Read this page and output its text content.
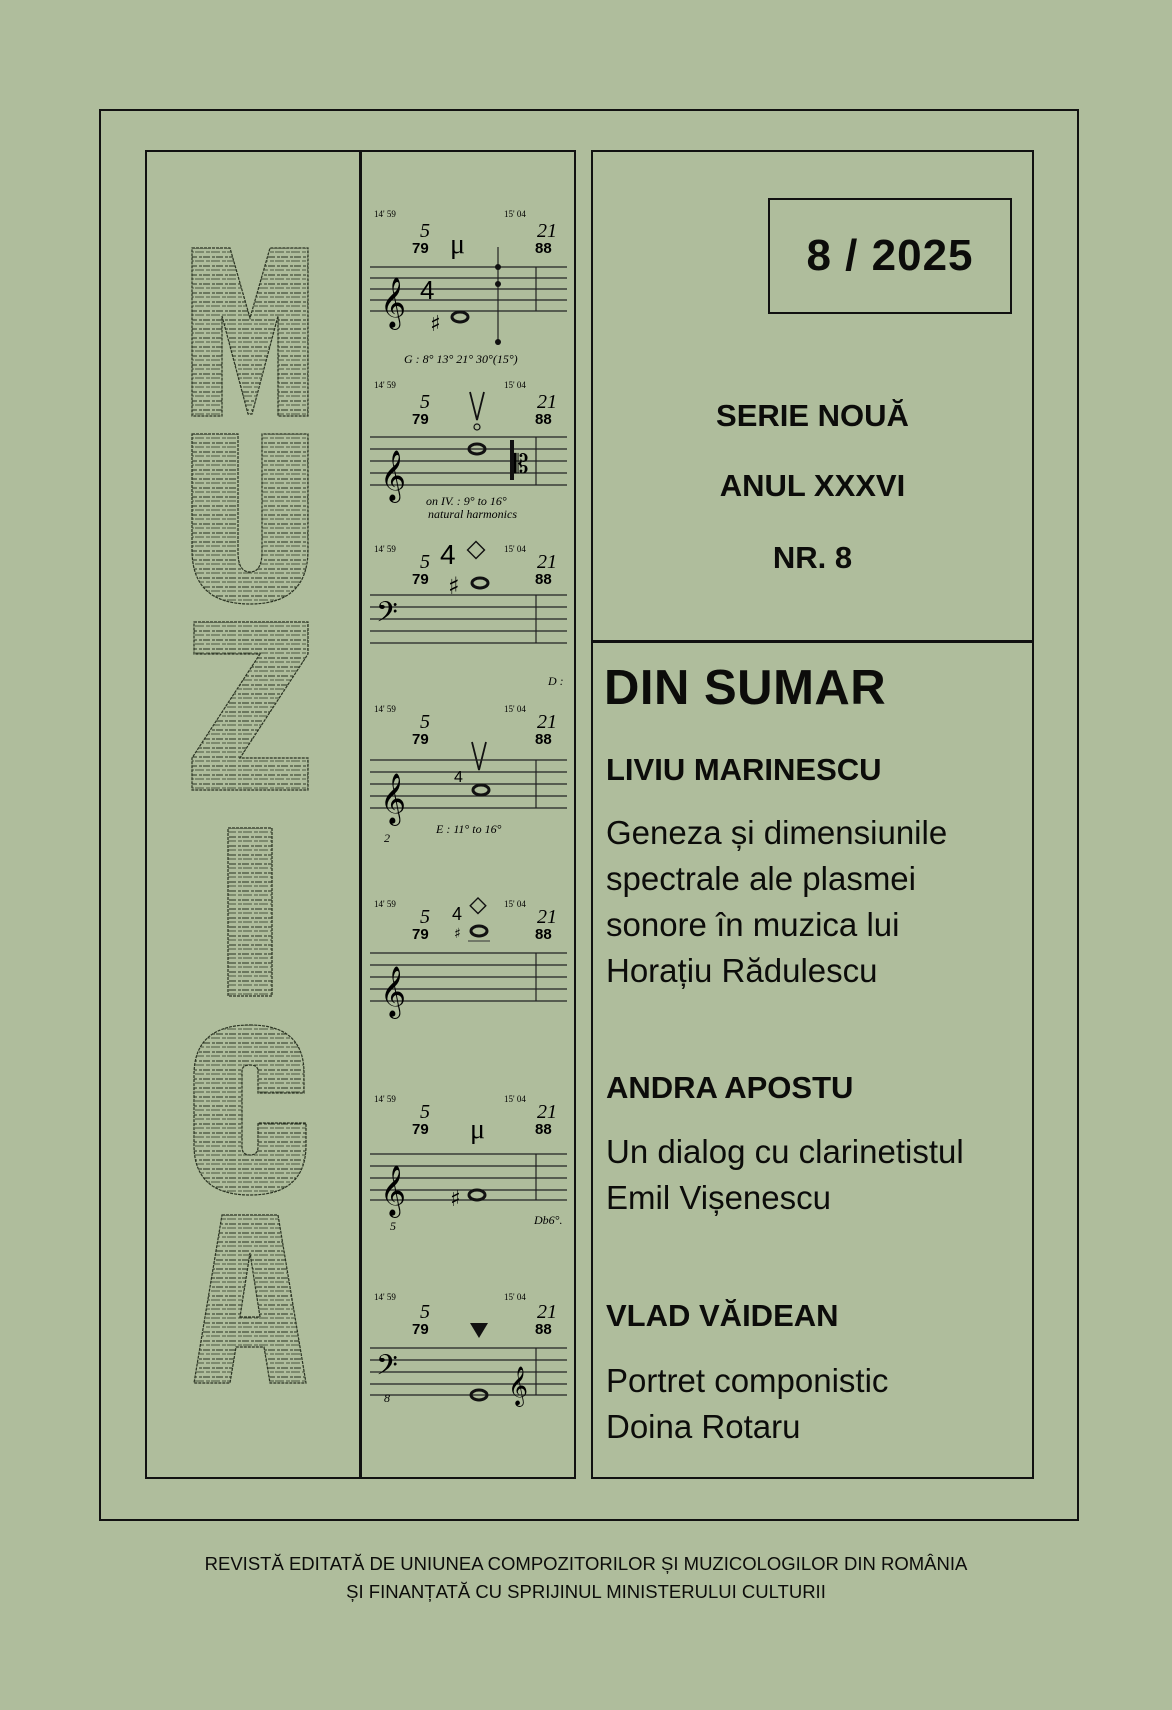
14' 59	15' 04
5
79
21
88
μ
𝄞 4
♯
G : 8° 13° 21° 30°(15°)
14' 59	15' 04
5
79
21
88
𝄞	𝄡
on IV. : 9° to 16°
natural harmonics
14' 59	15' 04
5
79
21
88
4
♯
𝄢
D :
14' 59	15' 04
5
79
21
88
𝄞	4
2
E : 11° to 16°
14' 59	15' 04
5
79
21
88
4
♯
𝄞
14' 59	15' 04
5
79
21
88
μ
𝄞 ♯
5	Db6°.
14' 59	15' 04
5
79
21
88
𝄢
8	𝄞
8 / 2025
SERIE NOUĂ
ANUL XXXVI
NR. 8
DIN SUMAR
LIVIU MARINESCU
Geneza și dimensiunile
spectrale ale plasmei
sonore în muzica lui
Horațiu Rădulescu
ANDRA APOSTU
Un dialog cu clarinetistul
Emil Vișenescu
VLAD VĂIDEAN
Portret componistic
Doina Rotaru
REVISTĂ EDITATĂ DE UNIUNEA COMPOZITORILOR ȘI MUZICOLOGILOR DIN ROMÂNIA
ȘI FINANȚATĂ CU SPRIJINUL MINISTERULUI CULTURII
